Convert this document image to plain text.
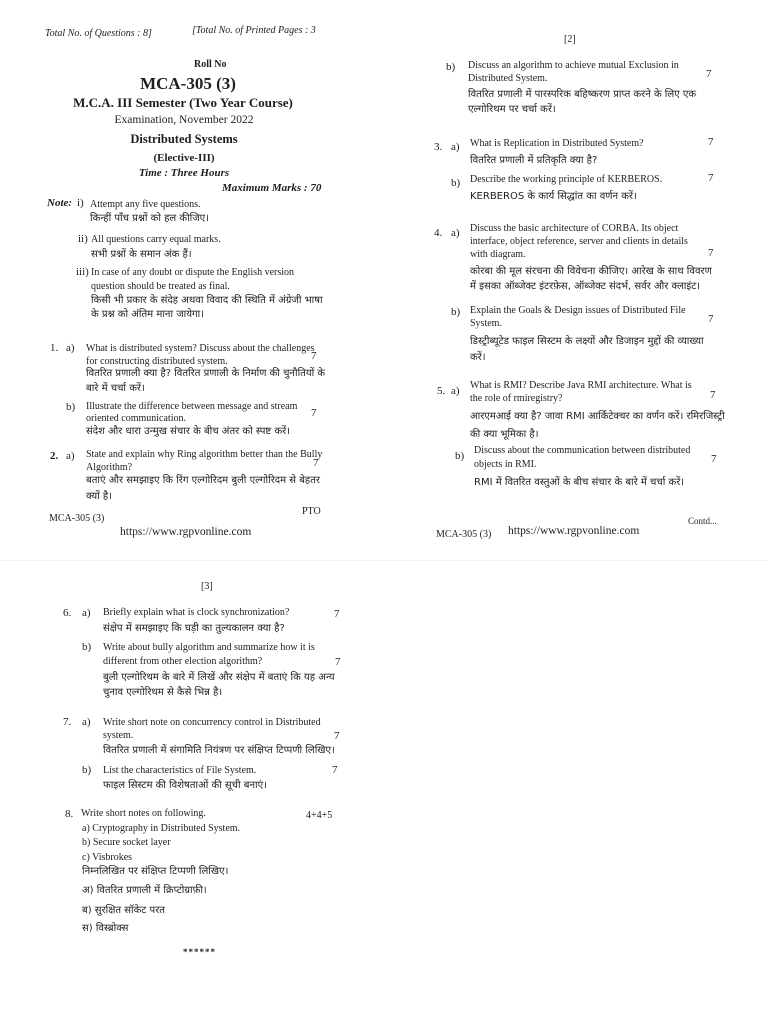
Total No. of Questions : 8]	[Total No. of Printed Pages : 3
Roll No
MCA-305 (3)
M.C.A. III Semester (Two Year Course)
Examination, November 2022
Distributed Systems
(Elective-III)
Time : Three Hours
Maximum Marks : 70
Note: i) Attempt any five questions.
किन्हीं पाँच प्रश्नों को हल कीजिए।
ii) All questions carry equal marks.
सभी प्रश्नों के समान अंक हैं।
iii) In case of any doubt or dispute the English version
question should be treated as final.
किसी भी प्रकार के संदेह अथवा विवाद की स्थिति में अंग्रेजी भाषा
के प्रश्न को अंतिम माना जायेगा।
1. a) What is distributed system? Discuss about the challenges
for constructing distributed system.	7
वितरित प्रणाली क्या है? वितरित प्रणाली के निर्माण की चुनौतियों के
बारे में चर्चा करें।
b) Illustrate the difference between message and stream
oriented communication.	7
संदेश और धारा उन्मुख संचार के बीच अंतर को स्पष्ट करें।
2. a) State and explain why Ring algorithm better than the Bully
Algorithm?	7
बताएं और समझाइए कि रिंग एल्गोरिदम बुली एल्गोरिदम से बेहतर
क्यों है।
PTO
MCA-305 (3)
https://www.rgpvonline.com
[2]
b) Discuss an algorithm to achieve mutual Exclusion in
Distributed System.	7
वितरित प्रणाली में पारस्परिक बहिष्करण प्राप्त करने के लिए एक
एल्गोरिथम पर चर्चा करें।
3. a) What is Replication in Distributed System?	7
वितरित प्रणाली में प्रतिकृति क्या है?
b) Describe the working principle of KERBEROS.	7
KERBEROS के कार्य सिद्धांत का वर्णन करें।
4. a) Discuss the basic architecture of CORBA. Its object
interface, object reference, server and clients in details
with diagram.	7
कोरबा की मूल संरचना की विवेचना कीजिए। आरेख के साथ विवरण
में इसका ऑब्जेक्ट इंटरफ़ेस, ऑब्जेक्ट संदर्भ, सर्वर और क्लाइंट।
b) Explain the Goals & Design issues of Distributed File
System.	7
डिस्ट्रीब्यूटेड फाइल सिस्टम के लक्ष्यों और डिजाइन मुद्दों की व्याख्या
करें।
5. a) What is RMI? Describe Java RMI architecture. What is
the role of rmiregistry?	7
आरएमआई क्या है? जावा RMI आर्किटेक्चर का वर्णन करें। रमिरजिस्ट्री
की क्या भूमिका है।
b) Discuss about the communication between distributed
objects in RMI.	7
RMI में वितरित वस्तुओं के बीच संचार के बारे में चर्चा करें।
Contd...
MCA-305 (3) https://www.rgpvonline.com
[3]
6. a) Briefly explain what is clock synchronization?	7
संक्षेप में समझाइए कि घड़ी का तुल्यकालन क्या है?
b) Write about bully algorithm and summarize how it is
different from other election algorithm?	7
बुली एल्गोरिथम के बारे में लिखें और संक्षेप में बताएं कि यह अन्य
चुनाव एल्गोरिथम से कैसे भिन्न है।
7. a) Write short note on concurrency control in Distributed
system.	7
वितरित प्रणाली में संगामिति नियंत्रण पर संक्षिप्त टिप्पणी लिखिए।
b) List the characteristics of File System.	7
फाइल सिस्टम की विशेषताओं की सूची बनाएं।
8. Write short notes on following.	4+4+5
a) Cryptography in Distributed System.
b) Secure socket layer
c) Visbrokes
निम्नलिखित पर संक्षिप्त टिप्पणी लिखिए।
अ) वितरित प्रणाली में क्रिप्टोग्राफ़ी।
ब) सुरक्षित सॉकेट परत
स) विस्ब्रोक्स
******
